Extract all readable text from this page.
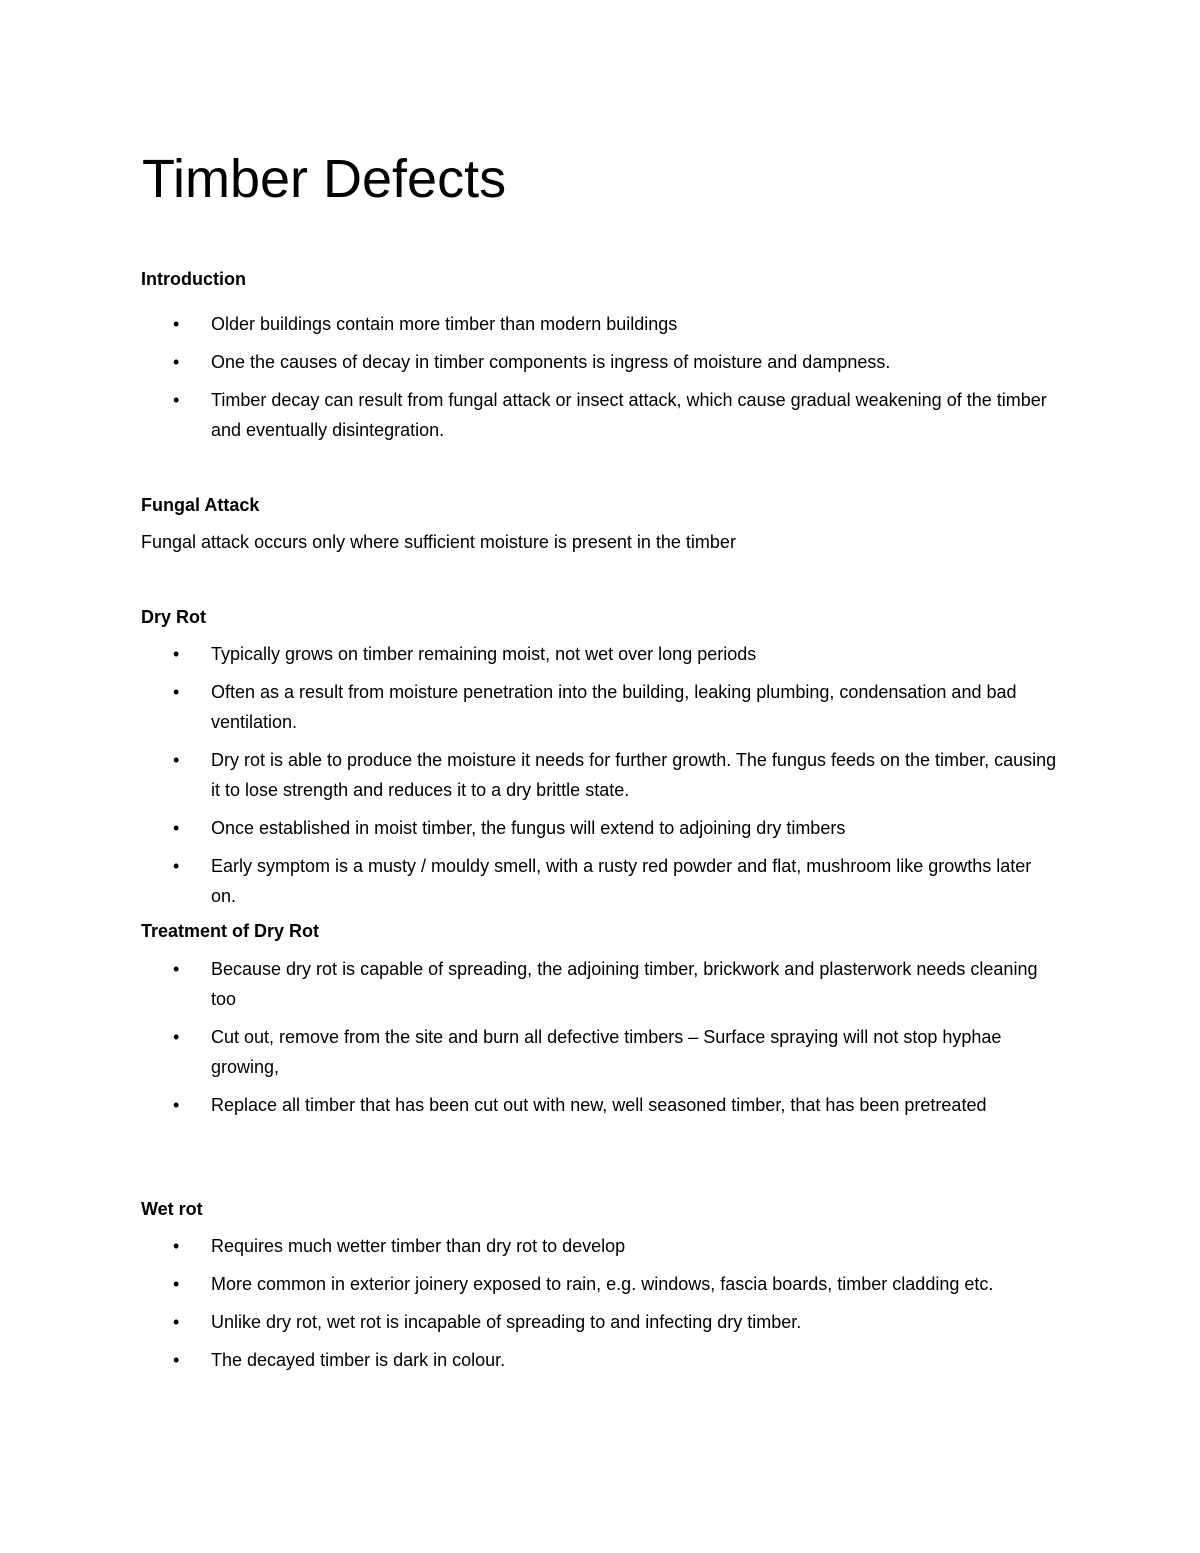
Timber Defects
Introduction
• Older buildings contain more timber than modern buildings
• One the causes of decay in timber components is ingress of moisture and dampness.
• Timber decay can result from fungal attack or insect attack, which cause gradual weakening of the timber and eventually disintegration.
Fungal Attack
Fungal attack occurs only where sufficient moisture is present in the timber
Dry Rot
• Typically grows on timber remaining moist, not wet over long periods
• Often as a result from moisture penetration into the building, leaking plumbing, condensation and bad ventilation.
• Dry rot is able to produce the moisture it needs for further growth. The fungus feeds on the timber, causing it to lose strength and reduces it to a dry brittle state.
• Once established in moist timber, the fungus will extend to adjoining dry timbers
• Early symptom is a musty / mouldy smell, with a rusty red powder and flat, mushroom like growths later on.
Treatment of Dry Rot
• Because dry rot is capable of spreading, the adjoining timber, brickwork and plasterwork needs cleaning too
• Cut out, remove from the site and burn all defective timbers – Surface spraying will not stop hyphae growing,
• Replace all timber that has been cut out with new, well seasoned timber, that has been pretreated
Wet rot
• Requires much wetter timber than dry rot to develop
• More common in exterior joinery exposed to rain, e.g. windows, fascia boards, timber cladding etc.
• Unlike dry rot, wet rot is incapable of spreading to and infecting dry timber.
• The decayed timber is dark in colour.
